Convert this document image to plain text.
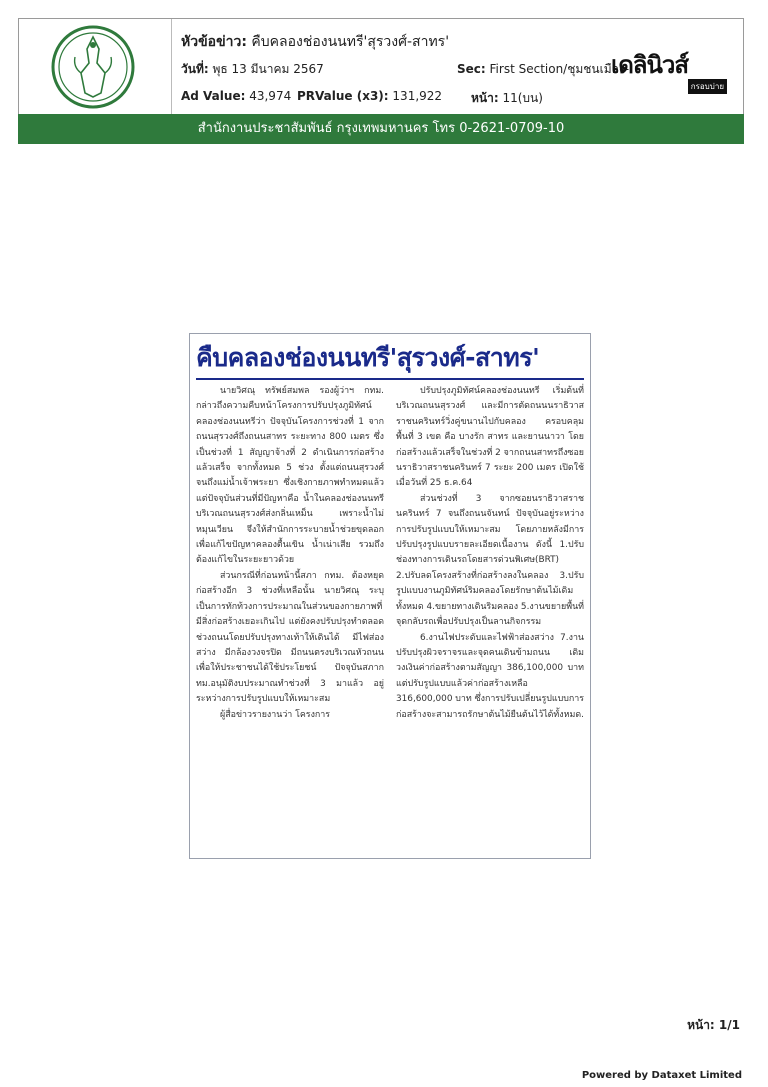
หัวข้อข่าว: คืบคลองช่องนนทรี'สุรวงศ์-สาทร'
วันที่: พุธ 13 มีนาคม 2567	Sec: First Section/ชุมชนเมือง-
Ad Value: 43,974 PRValue (x3): 131,922 หน้า: 11(บน)
เดลินิวส์
กรอบบ่าย
สำนักงานประชาสัมพันธ์ กรุงเทพมหานคร โทร 0-2621-0709-10
คืบคลองช่องนนทรี'สุรวงศ์-สาทร'

นายวิศณุ ทรัพย์สมพล รองผู้ว่าฯ กทม. กล่าวถึงความคืบหน้าโครงการปรับปรุงภูมิทัศน์คลองช่องนนทรีว่า ปัจจุบันโครงการช่วงที่ 1 จากถนนสุรวงศ์ถึงถนนสาทร ระยะทาง 800 เมตร ซึ่งเป็นช่วงที่ 1 สัญญาจ้างที่ 2 ดำเนินการก่อสร้างแล้วเสร็จ จากทั้งหมด 5 ช่วง ตั้งแต่ถนนสุรวงศ์จนถึงแม่น้ำเจ้าพระยา ซึ่งเชิงกายภาพทำหมดแล้ว แต่ปัจจุบันส่วนที่มีปัญหาคือ น้ำในคลองช่องนนทรี บริเวณถนนสุรวงศ์ส่งกลิ่นเหม็น เพราะน้ำไม่หมุนเวียน จึงให้สำนักการระบายน้ำช่วยขุดลอก เพื่อแก้ไขปัญหาคลองตื้นเขิน น้ำเน่าเสีย รวมถึงต้องแก้ไขในระยะยาวด้วย

ส่วนกรณีที่ก่อนหน้านี้สภา กทม. ต้องหยุดก่อสร้างอีก 3 ช่วงที่เหลือนั้น นายวิศณุ ระบุ เป็นการทักท้วงการประมาณในส่วนของกายภาพที่มีสิ่งก่อสร้างเยอะเกินไป แต่ยังคงปรับปรุงทำตลอดช่วงถนนโดยปรับปรุงทางเท้าให้เดินได้ มีไฟส่องสว่าง มีกล้องวงจรปิด มีถนนตรงบริเวณหัวถนน เพื่อให้ประชาชนได้ใช้ประโยชน์ ปัจจุบันสภากทม.อนุมัติงบประมาณทำช่วงที่ 3 มาแล้ว อยู่ระหว่างการปรับรูปแบบให้เหมาะสม

ผู้สื่อข่าวรายงานว่า โครงการ

ปรับปรุงภูมิทัศน์คลองช่องนนทรี เริ่มต้นที่บริเวณถนนสุรวงศ์ และมีการตัดถนนนราธิวาสราชนครินทร์วิ่งคู่ขนานไปกับคลอง ครอบคลุมพื้นที่ 3 เขต คือ บางรัก สาทร และยานนาวา โดยก่อสร้างแล้วเสร็จในช่วงที่ 2 จากถนนสาทรถึงซอยนราธิวาสราชนครินทร์ 7 ระยะ 200 เมตร เปิดใช้เมื่อวันที่ 25 ธ.ค.64

ส่วนช่วงที่ 3 จากซอยนราธิวาสราชนครินทร์ 7 จนถึงถนนจันทน์ ปัจจุบันอยู่ระหว่างการปรับรูปแบบให้เหมาะสม โดยภายหลังมีการปรับปรุงรูปแบบรายละเอียดเนื้องาน ดังนี้ 1.ปรับช่องทางการเดินรถโดยสารด่วนพิเศษ(BRT) 2.ปรับลดโครงสร้างที่ก่อสร้างลงในคลอง 3.ปรับรูปแบบงานภูมิทัศน์ริมคลองโดยรักษาต้นไม้เดิมทั้งหมด 4.ขยายทางเดินริมคลอง 5.งานขยายพื้นที่จุดกลับรถเพื่อปรับปรุงเป็นลานกิจกรรม

6.งานไฟประดับและไฟฟ้าส่องสว่าง 7.งานปรับปรุงผิวจราจรและจุดคนเดินข้ามถนน เดิมวงเงินค่าก่อสร้างตามสัญญา 386,100,000 บาท แต่ปรับรูปแบบแล้วค่าก่อสร้างเหลือ 316,600,000 บาท ซึ่งการปรับเปลี่ยนรูปแบบการก่อสร้างจะสามารถรักษาต้นไม้ยืนต้นไว้ได้ทั้งหมด.

หน้า: 1/1
Powered by Dataxet Limited
